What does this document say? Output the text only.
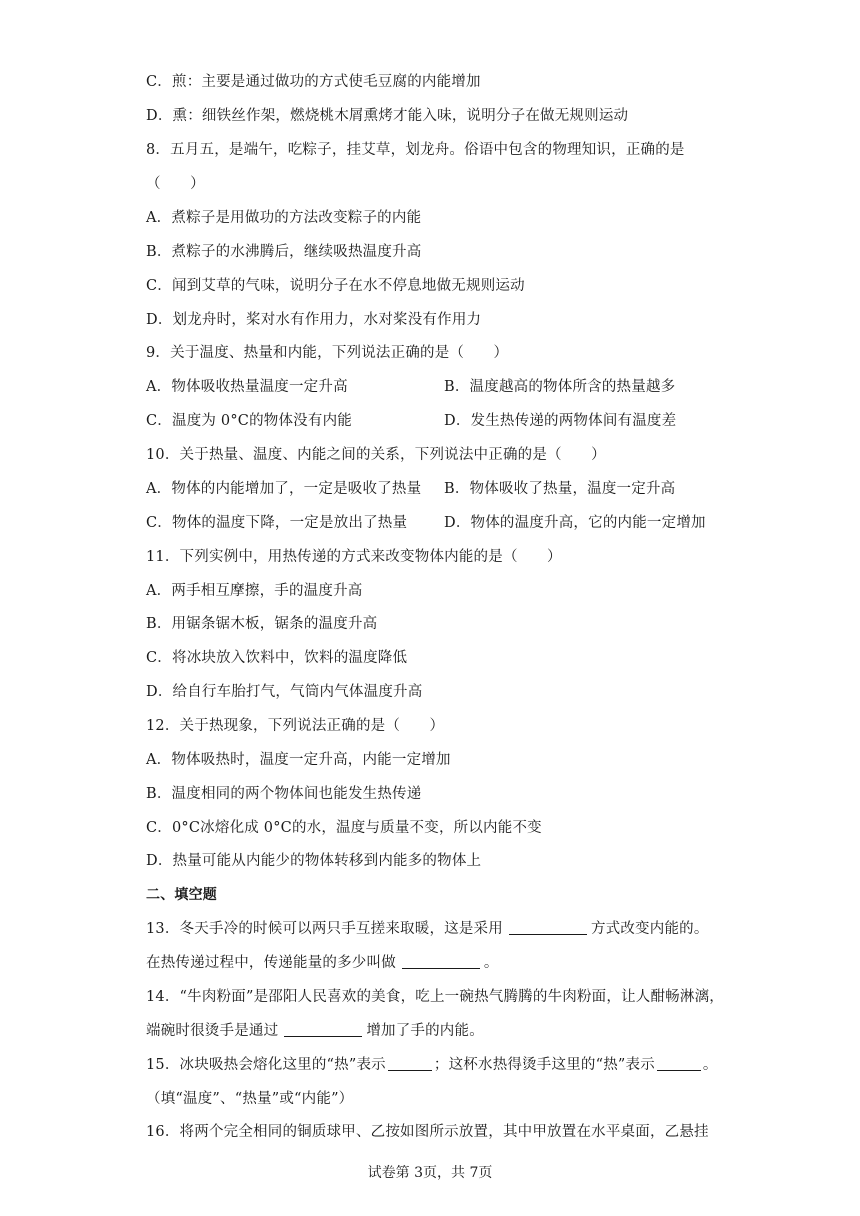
C．煎：主要是通过做功的方式使毛豆腐的内能增加
D．熏：细铁丝作架，燃烧桃木屑熏烤才能入味，说明分子在做无规则运动
8．五月五，是端午，吃粽子，挂艾草，划龙舟。俗语中包含的物理知识，正确的是
（　　）
A．煮粽子是用做功的方法改变粽子的内能
B．煮粽子的水沸腾后，继续吸热温度升高
C．闻到艾草的气味，说明分子在水不停息地做无规则运动
D．划龙舟时，桨对水有作用力，水对桨没有作用力
9．关于温度、热量和内能，下列说法正确的是（　　）
A．物体吸收热量温度一定升高	B．温度越高的物体所含的热量越多
C．温度为 0°C的物体没有内能	D．发生热传递的两物体间有温度差
10．关于热量、温度、内能之间的关系，下列说法中正确的是（　　）
A．物体的内能增加了，一定是吸收了热量 B．物体吸收了热量，温度一定升高
C．物体的温度下降，一定是放出了热量	D．物体的温度升高，它的内能一定增加
11．下列实例中，用热传递的方式来改变物体内能的是（　　）
A．两手相互摩擦，手的温度升高
B．用锯条锯木板，锯条的温度升高
C．将冰块放入饮料中，饮料的温度降低
D．给自行车胎打气，气筒内气体温度升高
12．关于热现象，下列说法正确的是（　　）
A．物体吸热时，温度一定升高，内能一定增加
B．温度相同的两个物体间也能发生热传递
C．0°C冰熔化成 0°C的水，温度与质量不变，所以内能不变
D．热量可能从内能少的物体转移到内能多的物体上
二、填空题
13．冬天手冷的时候可以两只手互搓来取暖，这是采用	方式改变内能的。
在热传递过程中，传递能量的多少叫做	。
14．“牛肉粉面”是邵阳人民喜欢的美食，吃上一碗热气腾腾的牛肉粉面，让人酣畅淋漓，
端碗时很烫手是通过	增加了手的内能。
15．冰块吸热会熔化这里的“热”表示	；这杯水热得烫手这里的“热”表示	。
（填“温度”、“热量”或“内能”）
16．将两个完全相同的铜质球甲、乙按如图所示放置，其中甲放置在水平桌面，乙悬挂
试卷第 3页，共 7页
